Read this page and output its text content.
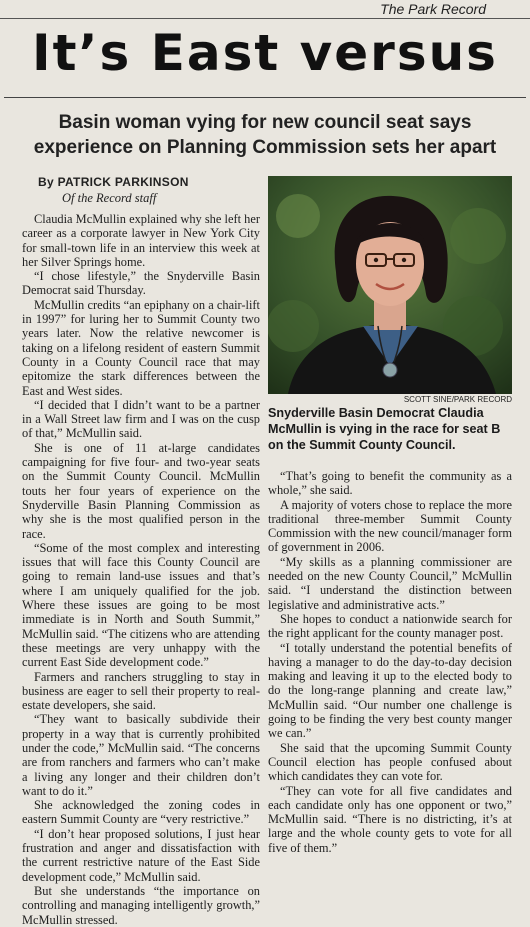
The Park Record
It’s East versus
Basin woman vying for new council seat says
experience on Planning Commission sets her apart
By PATRICK PARKINSON
Of the Record staff

Claudia McMullin explained why she left her career as a corporate lawyer in New York City for small-town life in an interview this week at her Silver Springs home.

“I chose lifestyle,” the Snyderville Basin Democrat said Thursday.

McMullin credits “an epiphany on a chair-lift in 1997” for luring her to Summit County two years later. Now the relative newcomer is taking on a lifelong resident of eastern Summit County in a County Council race that may epitomize the stark differences between the East and West sides.

“I decided that I didn’t want to be a partner in a Wall Street law firm and I was on the cusp of that,” McMullin said.

She is one of 11 at-large candidates campaigning for five four- and two-year seats on the Summit County Council. McMullin touts her four years of experience on the Snyderville Basin Planning Commission as why she is the most qualified person in the race.

“Some of the most complex and interesting issues that will face this County Council are going to remain land-use issues and that’s where I am uniquely qualified for the job. Where these issues are going to be most immediate is in North and South Summit,” McMullin said. “The citizens who are attending these meetings are very unhappy with the current East Side development code.”

Farmers and ranchers struggling to stay in business are eager to sell their property to real-estate developers, she said.

“They want to basically subdivide their property in a way that is currently prohibited under the code,” McMullin said. “The concerns are from ranchers and farmers who can’t make a living any longer and their children don’t want to do it.”

She acknowledged the zoning codes in eastern Summit County are “very restrictive.”

“I don’t hear proposed solutions, I just hear frustration and anger and dissatisfaction with the current restrictive nature of the East Side development code,” McMullin said.

But she understands “the importance on controlling and managing intelligently growth,” McMullin stressed.

SCOTT SINE/PARK RECORD
Snyderville Basin Democrat Claudia McMullin is vying in the race for seat B on the Summit County Council.

“That’s going to benefit the community as a whole,” she said.

A majority of voters chose to replace the more traditional three-member Summit County Commission with the new council/manager form of government in 2006.

“My skills as a planning commissioner are needed on the new County Council,” McMullin said. “I understand the distinction between legislative and administrative acts.”

She hopes to conduct a nationwide search for the right applicant for the county manager post.

“I totally understand the potential benefits of having a manager to do the day-to-day decision making and leaving it up to the elected body to do the long-range planning and create law,” McMullin said. “Our number one challenge is going to be finding the very best county manger we can.”

She said that the upcoming Summit County Council election has people confused about which candidates they can vote for.

“They can vote for all five candidates and each candidate only has one opponent or two,” McMullin said. “There is no districting, it’s at large and the whole county gets to vote for all five of them.”
